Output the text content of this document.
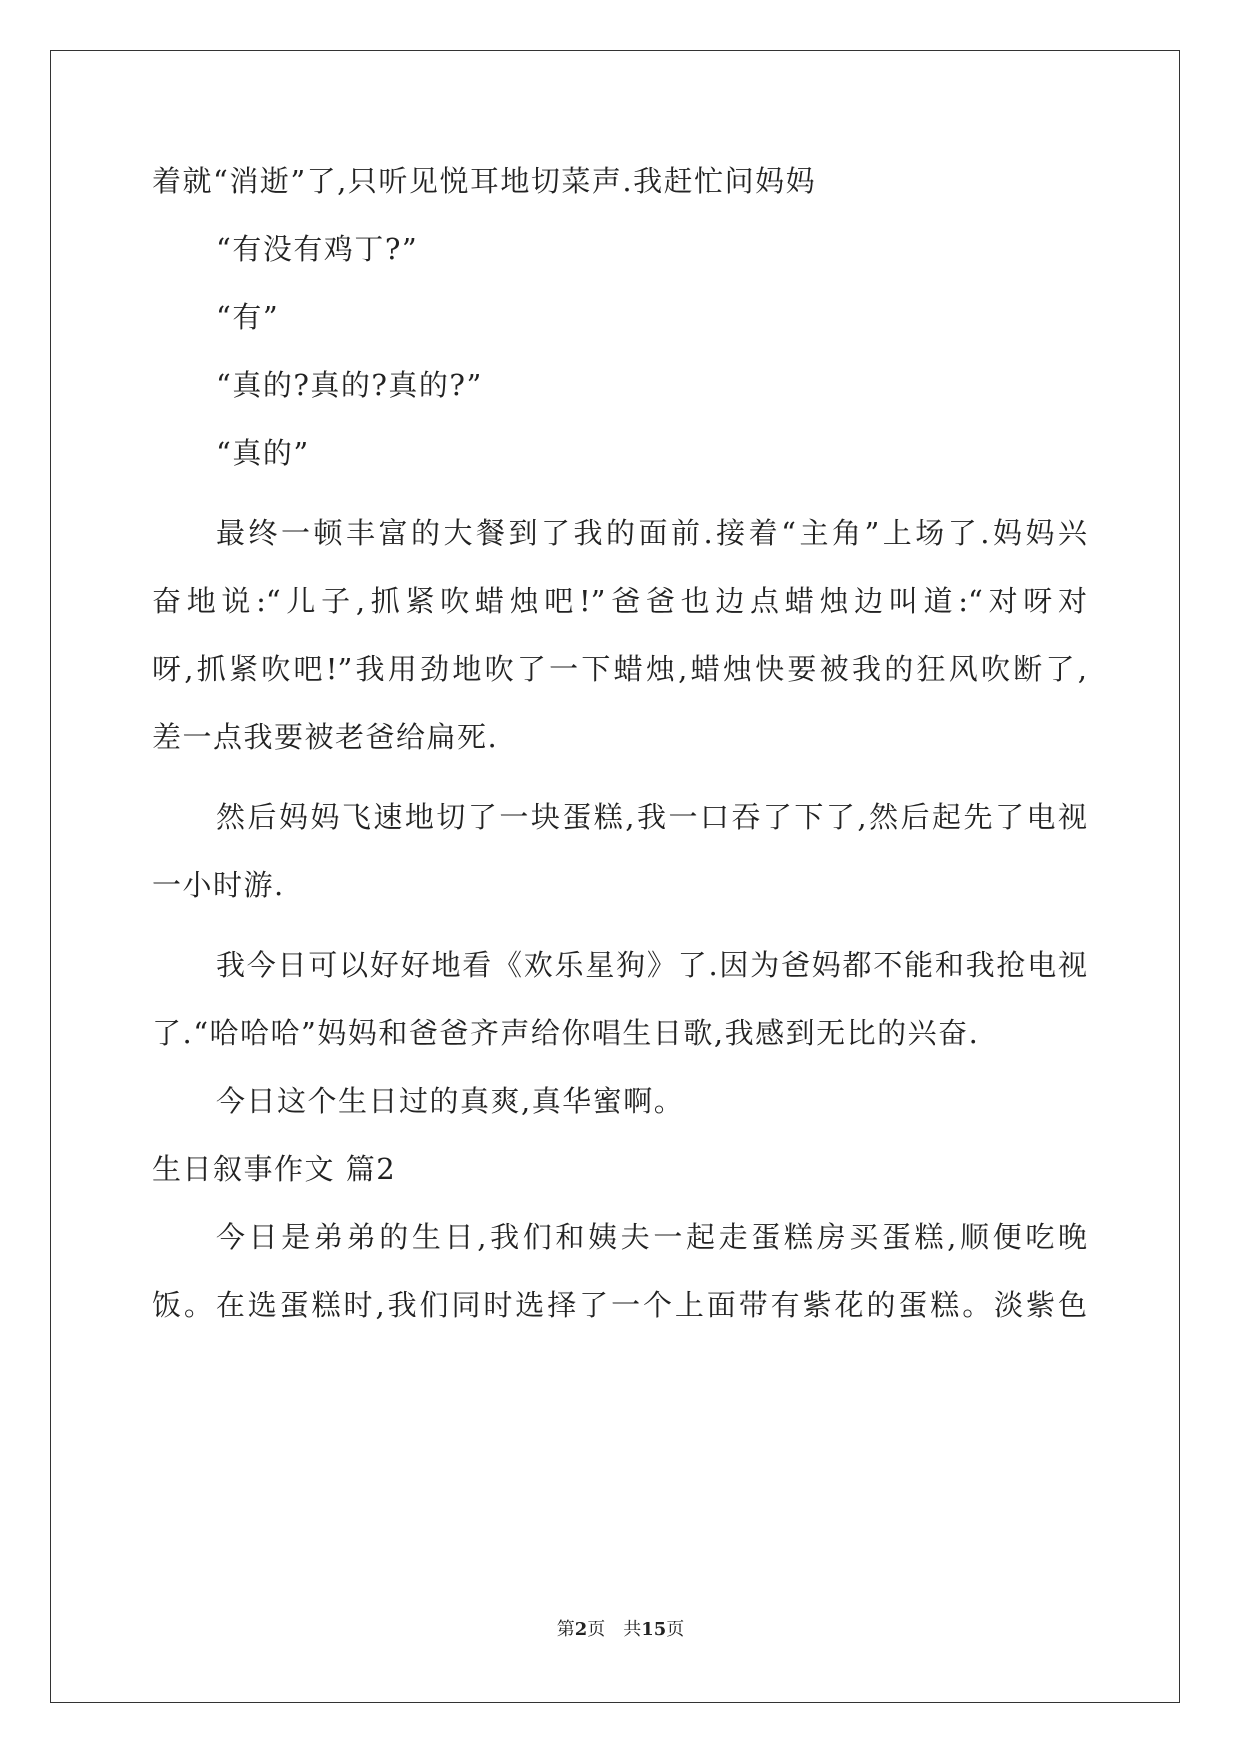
着就“消逝”了,只听见悦耳地切菜声.我赶忙问妈妈
“有没有鸡丁?”
“有”
“真的?真的?真的?”
“真的”
最终一顿丰富的大餐到了我的面前.接着“主角”上场了.妈妈兴
奋地说:“儿子,抓紧吹蜡烛吧!”爸爸也边点蜡烛边叫道:“对呀对
呀,抓紧吹吧!”我用劲地吹了一下蜡烛,蜡烛快要被我的狂风吹断了,
差一点我要被老爸给扁死.
然后妈妈飞速地切了一块蛋糕,我一口吞了下了,然后起先了电视
一小时游.
我今日可以好好地看《欢乐星狗》了.因为爸妈都不能和我抢电视
了.“哈哈哈”妈妈和爸爸齐声给你唱生日歌,我感到无比的兴奋.
今日这个生日过的真爽,真华蜜啊。
生日叙事作文 篇2
今日是弟弟的生日,我们和姨夫一起走蛋糕房买蛋糕,顺便吃晚
饭。在选蛋糕时,我们同时选择了一个上面带有紫花的蛋糕。淡紫色
第2页　共15页
